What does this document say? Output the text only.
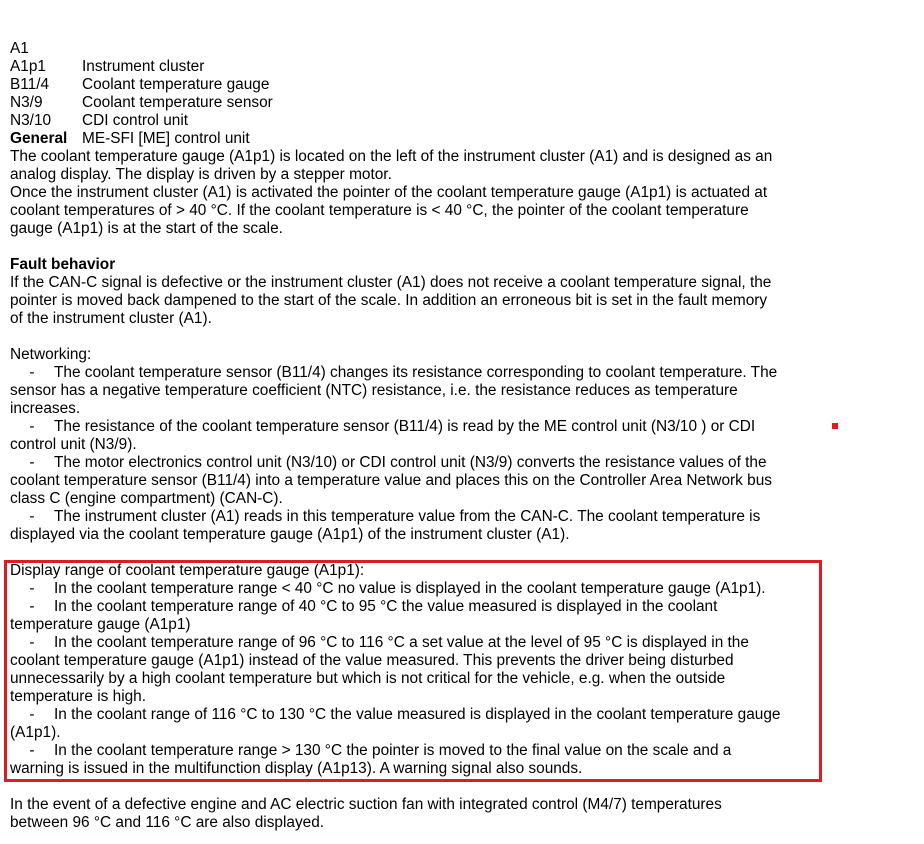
A1

Instrument cluster

A1p1

Coolant temperature gauge

B11/4

Coolant temperature sensor

N3/9

CDI control unit

N3/10

ME-SFI [ME] control unit

General
The coolant temperature gauge (A1p1) is located on the left of the instrument cluster (A1) and is designed as an
analog display. The display is driven by a stepper motor.
Once the instrument cluster (A1) is activated the pointer of the coolant temperature gauge (A1p1) is actuated at
coolant temperatures of > 40 °C. If the coolant temperature is < 40 °C, the pointer of the coolant temperature
gauge (A1p1) is at the start of the scale.
Fault behavior
If the CAN-C signal is defective or the instrument cluster (A1) does not receive a coolant temperature signal, the
pointer is moved back dampened to the start of the scale. In addition an erroneous bit is set in the fault memory
of the instrument cluster (A1).
Networking:
- The coolant temperature sensor (B11/4) changes its resistance corresponding to coolant temperature. The
sensor has a negative temperature coefficient (NTC) resistance, i.e. the resistance reduces as temperature
increases.
- The resistance of the coolant temperature sensor (B11/4) is read by the ME control unit (N3/10 ) or CDI
control unit (N3/9).
- The motor electronics control unit (N3/10) or CDI control unit (N3/9) converts the resistance values of the
coolant temperature sensor (B11/4) into a temperature value and places this on the Controller Area Network bus
class C (engine compartment) (CAN-C).
- The instrument cluster (A1) reads in this temperature value from the CAN-C. The coolant temperature is
displayed via the coolant temperature gauge (A1p1) of the instrument cluster (A1).
Display range of coolant temperature gauge (A1p1):
- In the coolant temperature range < 40 °C no value is displayed in the coolant temperature gauge (A1p1).
- In the coolant temperature range of 40 °C to 95 °C the value measured is displayed in the coolant
temperature gauge (A1p1)
- In the coolant temperature range of 96 °C to 116 °C a set value at the level of 95 °C is displayed in the
coolant temperature gauge (A1p1) instead of the value measured. This prevents the driver being disturbed
unnecessarily by a high coolant temperature but which is not critical for the vehicle, e.g. when the outside
temperature is high.
- In the coolant range of 116 °C to 130 °C the value measured is displayed in the coolant temperature gauge
(A1p1).
- In the coolant temperature range > 130 °C the pointer is moved to the final value on the scale and a
warning is issued in the multifunction display (A1p13). A warning signal also sounds.
In the event of a defective engine and AC electric suction fan with integrated control (M4/7) temperatures
between 96 °C and 116 °C are also displayed.
